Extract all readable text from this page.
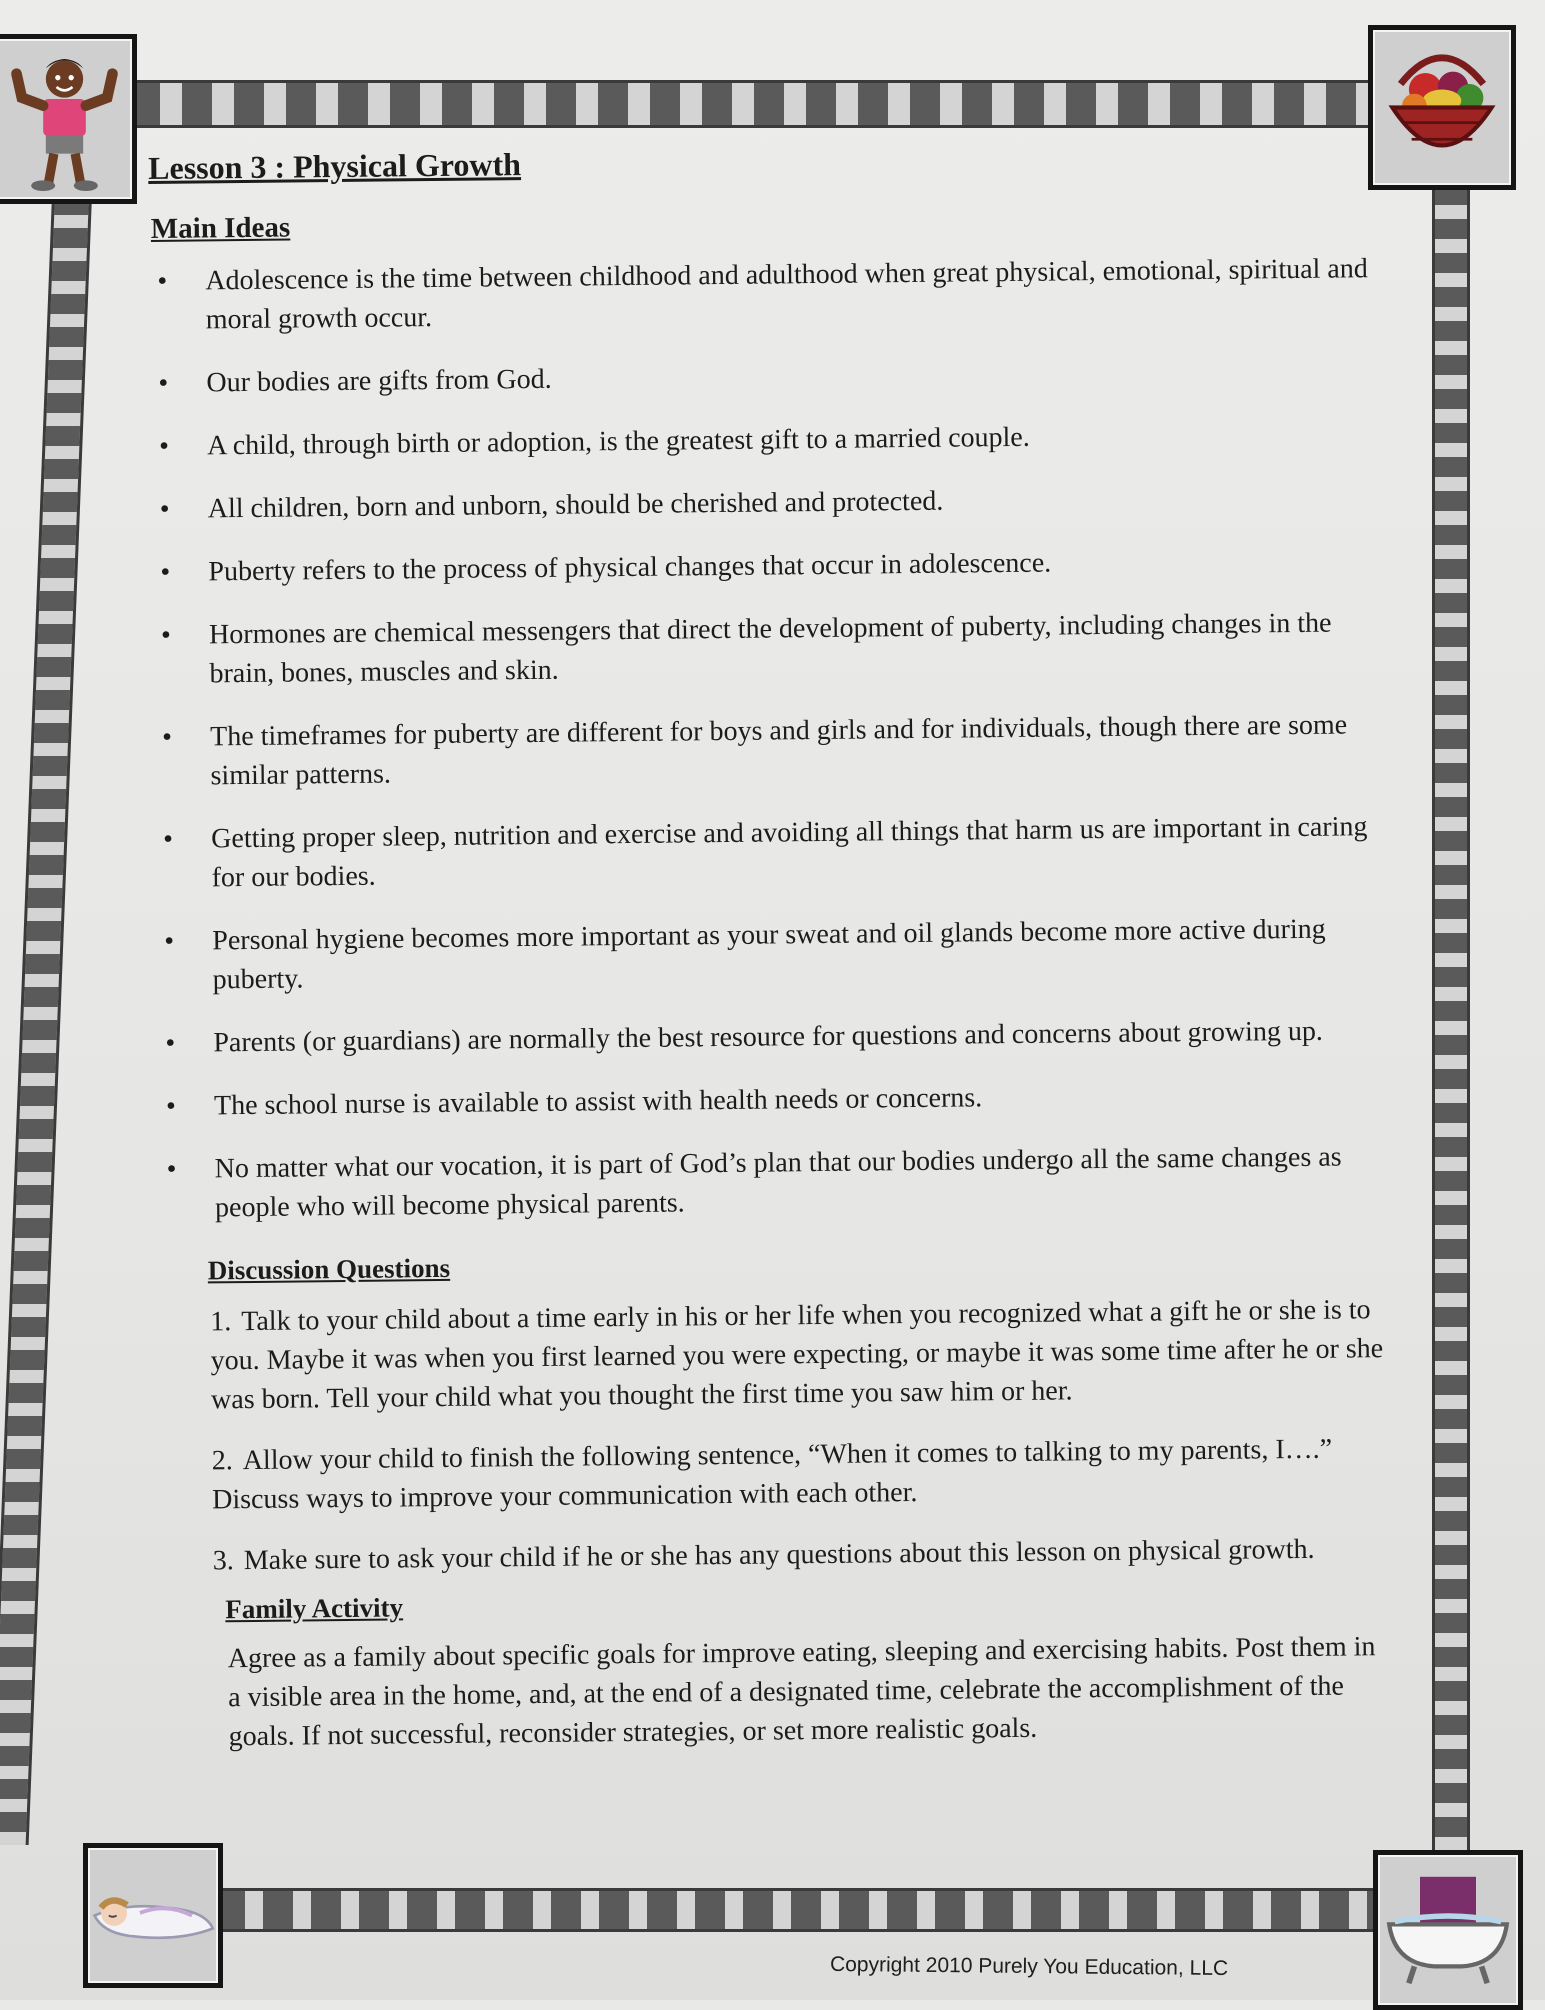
Lesson 3 : Physical Growth
Main Ideas
• Adolescence is the time between childhood and adulthood when great physical, emotional, spiritual and moral growth occur.
• Our bodies are gifts from God.
• A child, through birth or adoption, is the greatest gift to a married couple.
• All children, born and unborn, should be cherished and protected.
• Puberty refers to the process of physical changes that occur in adolescence.
• Hormones are chemical messengers that direct the development of puberty, including changes in the brain, bones, muscles and skin.
• The timeframes for puberty are different for boys and girls and for individuals, though there are some similar patterns.
• Getting proper sleep, nutrition and exercise and avoiding all things that harm us are important in caring for our bodies.
• Personal hygiene becomes more important as your sweat and oil glands become more active during puberty.
• Parents (or guardians) are normally the best resource for questions and concerns about growing up.
• The school nurse is available to assist with health needs or concerns.
• No matter what our vocation, it is part of God’s plan that our bodies undergo all the same changes as people who will become physical parents.
Discussion Questions
1. Talk to your child about a time early in his or her life when you recognized what a gift he or she is to you. Maybe it was when you first learned you were expecting, or maybe it was some time after he or she was born. Tell your child what you thought the first time you saw him or her.
2. Allow your child to finish the following sentence, “When it comes to talking to my parents, I….” Discuss ways to improve your communication with each other.
3. Make sure to ask your child if he or she has any questions about this lesson on physical growth.
Family Activity
Agree as a family about specific goals for improve eating, sleeping and exercising habits. Post them in a visible area in the home, and, at the end of a designated time, celebrate the accomplishment of the goals. If not successful, reconsider strategies, or set more realistic goals.
Copyright 2010 Purely You Education, LLC
